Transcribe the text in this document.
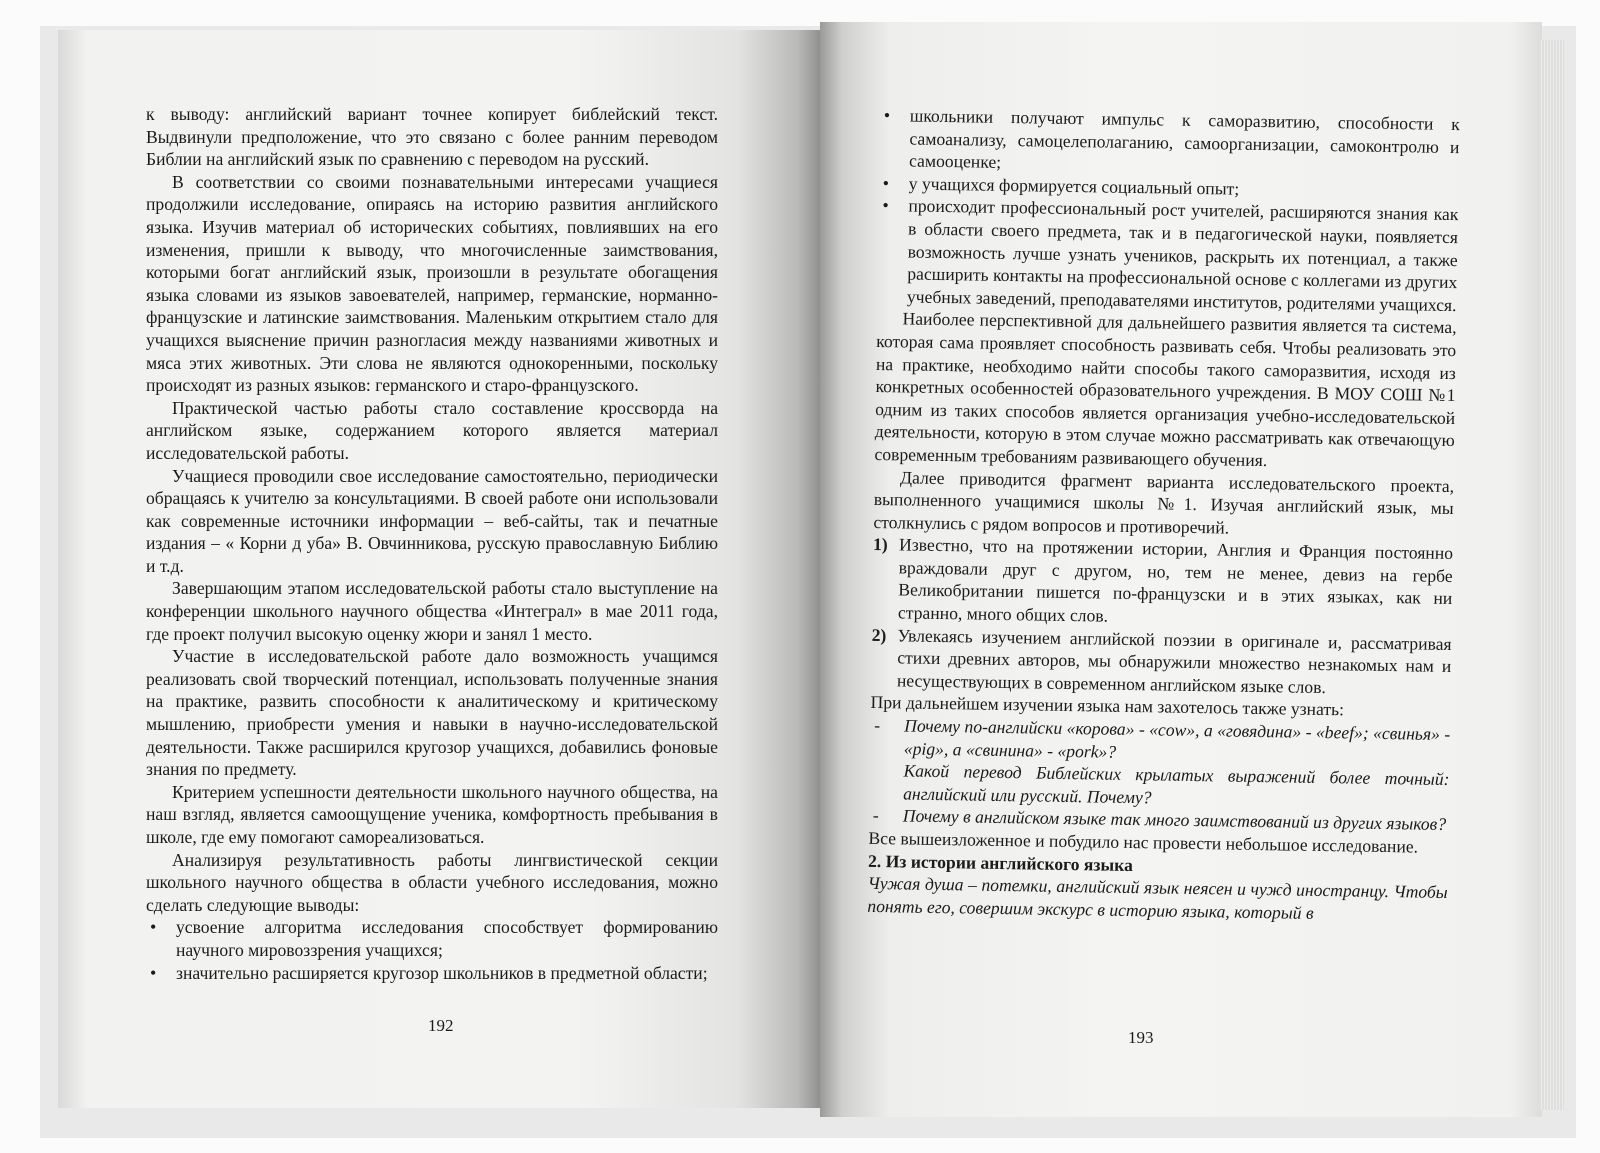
к выводу: английский вариант точнее копирует библейский текст. Выдвинули предположение, что это связано с более ранним переводом Библии на английский язык по сравнению с переводом на русский.

В соответствии со своими познавательными интересами учащиеся продолжили исследование, опираясь на историю развития английского языка. Изучив материал об исторических событиях, повлиявших на его изменения, пришли к выводу, что многочисленные заимствования, которыми богат английский язык, произошли в результате обогащения языка словами из языков завоевателей, например, германские, норманно-французские и латинские заимствования. Маленьким открытием стало для учащихся выяснение причин разногласия между названиями животных и мяса этих животных. Эти слова не являются однокоренными, поскольку происходят из разных языков: германского и старо-французского.

Практической частью работы стало составление кроссворда на английском языке, содержанием которого является материал исследовательской работы.

Учащиеся проводили свое исследование самостоятельно, периодически обращаясь к учителю за консультациями. В своей работе они использовали как современные источники информации – веб-сайты, так и печатные издания – « Корни д уба» В. Овчинникова, русскую православную Библию и т.д.

Завершающим этапом исследовательской работы стало выступление на конференции школьного научного общества «Интеграл» в мае 2011 года, где проект получил высокую оценку жюри и занял 1 место.

Участие в исследовательской работе дало возможность учащимся реализовать свой творческий потенциал, использовать полученные знания на практике, развить способности к аналитическому и критическому мышлению, приобрести умения и навыки в научно-исследовательской деятельности. Также расширился кругозор учащихся, добавились фоновые знания по предмету.

Критерием успешности деятельности школьного научного общества, на наш взгляд, является самоощущение ученика, комфортность пребывания в школе, где ему помогают самореализоваться.

Анализируя результативность работы лингвистической секции школьного научного общества в области учебного исследования, можно сделать следующие выводы:

• усвоение алгоритма исследования способствует формированию научного мировоззрения учащихся;
• значительно расширяется кругозор школьников в предметной области;
192
• школьники получают импульс к саморазвитию, способности к самоанализу, самоцелеполаганию, самоорганизации, самоконтролю и самооценке;
• у учащихся формируется социальный опыт;
• происходит профессиональный рост учителей, расширяются знания как в области своего предмета, так и в педагогической науки, появляется возможность лучше узнать учеников, раскрыть их потенциал, а также расширить контакты на профессиональной основе с коллегами из других учебных заведений, преподавателями институтов, родителями учащихся.

Наиболее перспективной для дальнейшего развития является та система, которая сама проявляет способность развивать себя. Чтобы реализовать это на практике, необходимо найти способы такого саморазвития, исходя из конкретных особенностей образовательного учреждения. В МОУ СОШ №1 одним из таких способов является организация учебно-исследовательской деятельности, которую в этом случае можно рассматривать как отвечающую современным требованиям развивающего обучения.

Далее приводится фрагмент варианта исследовательского проекта, выполненного учащимися школы №1. Изучая английский язык, мы столкнулись с рядом вопросов и противоречий.

1) Известно, что на протяжении истории, Англия и Франция постоянно враждовали друг с другом, но, тем не менее, девиз на гербе Великобритании пишется по-французски и в этих языках, как ни странно, много общих слов.
2) Увлекаясь изучением английской поэзии в оригинале и, рассматривая стихи древних авторов, мы обнаружили множество незнакомых нам и несуществующих в современном английском языке слов.

При дальнейшем изучении языка нам захотелось также узнать:

- Почему по-английски «корова» - «cow», а «говядина» - «beef»; «свинья» - «pig», а «свинина» - «pork»?

Какой перевод Библейских крылатых выражений более точный: английский или русский. Почему?

- Почему в английском языке так много заимствований из других языков?

Все вышеизложенное и побудило нас провести небольшое исследование.

2. Из истории английского языка

Чужая душа – потемки, английский язык неясен и чужд иностранцу. Чтобы понять его, совершим экскурс в историю языка, который в

193
